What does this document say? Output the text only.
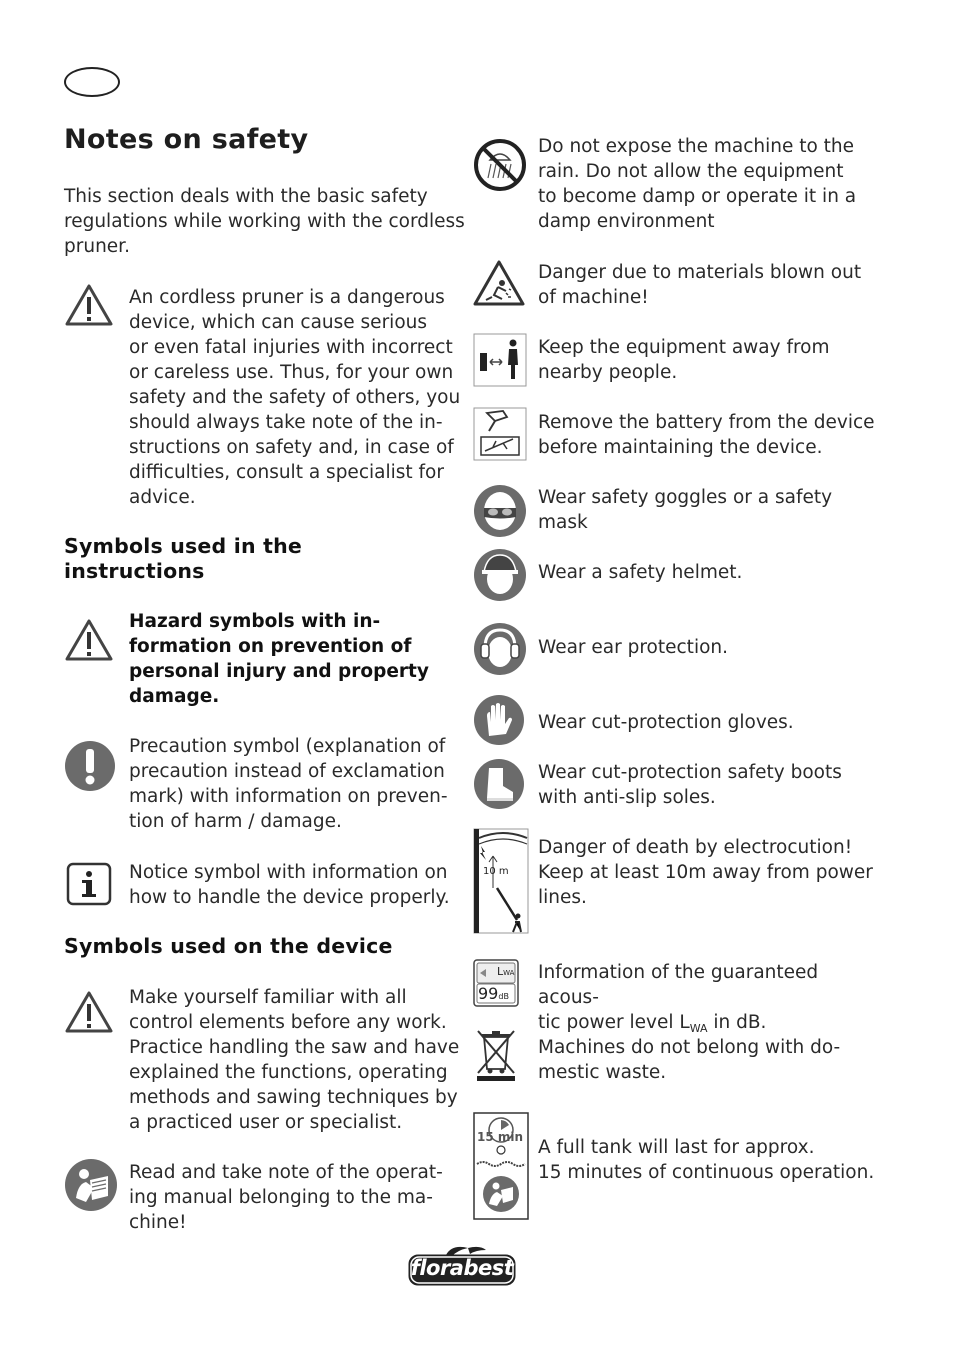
Notes on safety

This section deals with the basic safety
regulations while working with the cordless
pruner.

An cordless pruner is a dangerous
device, which can cause serious
or even fatal injuries with incorrect
or careless use. Thus, for your own
safety and the safety of others, you
should always take note of the in-
structions on safety and, in case of
difficulties, consult a specialist for
advice.

Symbols used in the
instructions

Hazard symbols with in-
formation on prevention of
personal injury and property
damage.

Precaution symbol (explanation of
precaution instead of exclamation
mark) with information on preven-
tion of harm / damage.

Notice symbol with information on
how to handle the device properly.

Symbols used on the device

Make yourself familiar with all
control elements before any work.
Practice handling the saw and have
explained the functions, operating
methods and sawing techniques by
a practiced user or specialist.

Read and take note of the operat-
ing manual belonging to the ma-
chine!

Do not expose the machine to the
rain. Do not allow the equipment
to become damp or operate it in a
damp environment

Danger due to materials blown out
of machine!

Keep the equipment away from
nearby people.

Remove the battery from the device
before maintaining the device.

Wear safety goggles or a safety
mask

Wear a safety helmet.

Wear ear protection.

Wear cut-protection gloves.

Wear cut-protection safety boots
with anti-slip soles.

10 m

Danger of death by electrocution!
Keep at least 10m away from power
lines.

LWA
99dB

Information of the guaranteed acous-
tic power level $L_{WA}$ in dB.

Machines do not belong with do-
mestic waste.

15 min A full tank will last for approx.
15 minutes of continuous operation.

florabest
